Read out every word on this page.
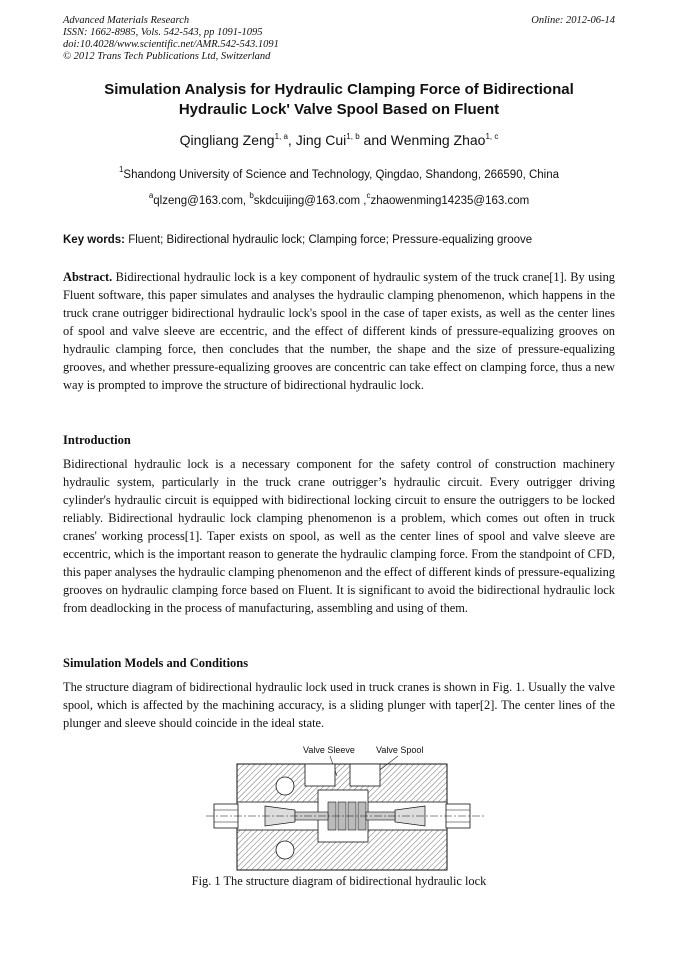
Advanced Materials Research
ISSN: 1662-8985, Vols. 542-543, pp 1091-1095
doi:10.4028/www.scientific.net/AMR.542-543.1091
© 2012 Trans Tech Publications Ltd, Switzerland
Online: 2012-06-14
Simulation Analysis for Hydraulic Clamping Force of Bidirectional
Hydraulic Lock' Valve Spool Based on Fluent
Qingliang Zeng$^{1, a}$, Jing Cui$^{1, b}$ and Wenming Zhao$^{1, c}$
$^1$Shandong University of Science and Technology, Qingdao, Shandong, 266590, China
$^a$qlzeng@163.com, $^b$skdcuijing@163.com ,$^c$zhaowenming14235@163.com
Key words: Fluent; Bidirectional hydraulic lock; Clamping force; Pressure-equalizing groove
Abstract. Bidirectional hydraulic lock is a key component of hydraulic system of the truck crane[1]. By using Fluent software, this paper simulates and analyses the hydraulic clamping phenomenon, which happens in the truck crane outrigger bidirectional hydraulic lock's spool in the case of taper exists, as well as the center lines of spool and valve sleeve are eccentric, and the effect of different kinds of pressure-equalizing grooves on hydraulic clamping force, then concludes that the number, the shape and the size of pressure-equalizing grooves, and whether pressure-equalizing grooves are concentric can take effect on clamping force, thus a new way is prompted to improve the structure of bidirectional hydraulic lock.
Introduction
Bidirectional hydraulic lock is a necessary component for the safety control of construction machinery hydraulic system, particularly in the truck crane outrigger’s hydraulic circuit. Every outrigger driving cylinder's hydraulic circuit is equipped with bidirectional locking circuit to ensure the outriggers to be locked reliably. Bidirectional hydraulic lock clamping phenomenon is a problem, which comes out often in truck cranes' working process[1]. Taper exists on spool, as well as the center lines of spool and valve sleeve are eccentric, which is the important reason to generate the hydraulic clamping force. From the standpoint of CFD, this paper analyses the hydraulic clamping phenomenon and the effect of different kinds of pressure-equalizing grooves on hydraulic clamping force based on Fluent. It is significant to avoid the bidirectional hydraulic lock from deadlocking in the process of manufacturing, assembling and using of them.
Simulation Models and Conditions
The structure diagram of bidirectional hydraulic lock used in truck cranes is shown in Fig. 1. Usually the valve spool, which is affected by the machining accuracy, is a sliding plunger with taper[2]. The center lines of the plunger and sleeve should coincide in the ideal state.
Valve Sleeve Valve Spool
Fig. 1 The structure diagram of bidirectional hydraulic lock
